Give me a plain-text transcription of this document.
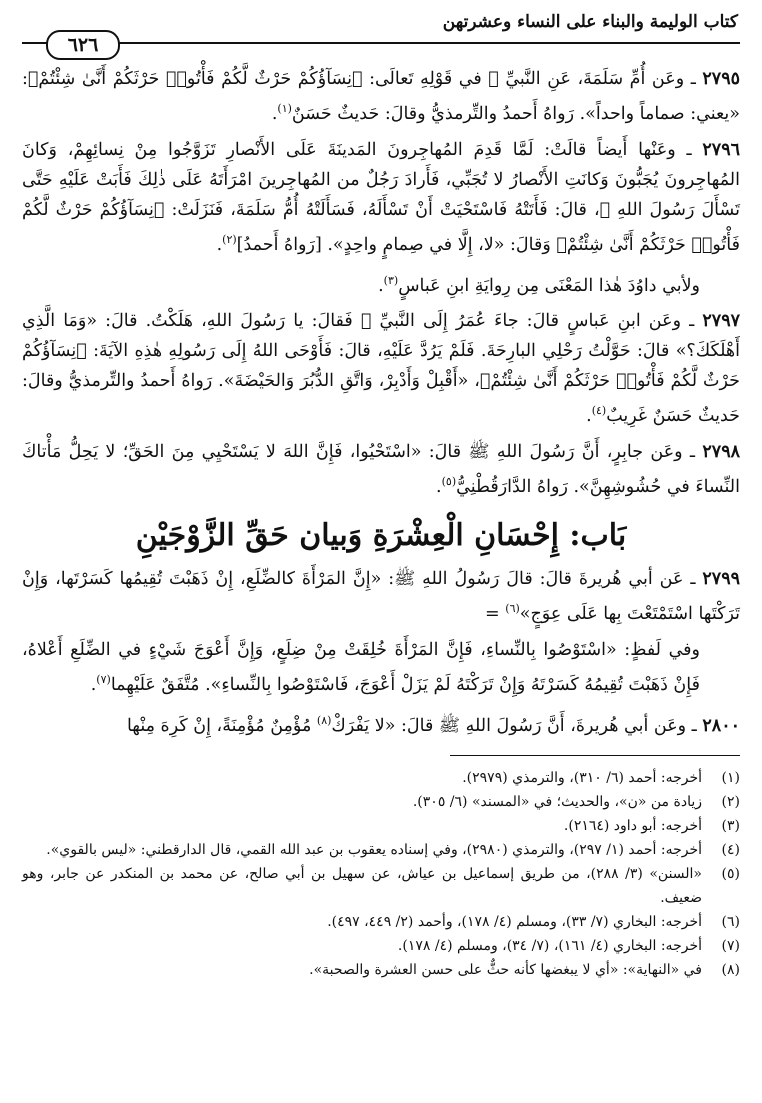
كتاب الوليمة والبناء على النساء وعشرتهن
٦٢٦

٢٧٩٥ ـ وعَن أُمِّ سَلَمَةَ، عَنِ النَّبيِّ ﷺ في قَوْلِهِ تَعالَى: ﴿نِسَآؤُكُمْ حَرْثٌ لَّكُمْ فَأْتُوا۟ حَرْثَكُمْ أَنَّىٰ شِئْتُمْ﴾: «يعني: صماماً واحداً». رَواهُ أَحمدُ والتِّرمذيُّ وقالَ: حَديثٌ حَسَنٌ$^{(١)}$.

٢٧٩٦ ـ وعَنْها أَيضاً قالَتْ: لَمَّا قَدِمَ المُهاجِرونَ المَدينَةَ عَلَى الأَنْصارِ تَزَوَّجُوا مِنْ نِسائِهِمْ، وَكانَ المُهاجِرونَ يُجَبُّونَ وَكانَتِ الأَنْصارُ لا تُجَبِّي، فَأَرادَ رَجُلٌ من المُهاجِرينَ امْرَأَتَهُ عَلَى ذٰلِكَ فَأَبَتْ عَلَيْهِ حَتَّى تَسْأَلَ رَسُولَ اللهِ ﷺ، قالَ: فَأَتَتْهُ فَاسْتَحْيَتْ أَنْ تَسْأَلَهُ، فَسَأَلَتْهُ أُمُّ سَلَمَةَ، فَنَزَلَتْ: ﴿نِسَآؤُكُمْ حَرْثٌ لَّكُمْ فَأْتُوا۟ حَرْثَكُمْ أَنَّىٰ شِئْتُمْ﴾ وَقالَ: «لا، إِلَّا في صِمامٍ واحِدٍ». [رَواهُ أَحمدُ]$^{(٢)}$.

ولأبي داوُدَ هٰذا المَعْنَى مِن رِوايَةِ ابنِ عَباسٍ$^{(٣)}$.

٢٧٩٧ ـ وعَن ابنِ عَباسٍ قالَ: جاءَ عُمَرُ إِلَى النَّبيِّ ﷺ فَقالَ: يا رَسُولَ اللهِ، هَلَكْتُ. قالَ: «وَمَا الَّذِي أَهْلَكَكَ؟» قالَ: حَوَّلْتُ رَحْلِي البارِحَةَ. فَلَمْ يَرُدَّ عَلَيْهِ، قالَ: فَأَوْحَى اللهُ إِلَى رَسُولِهِ هٰذِهِ الآيَةَ: ﴿نِسَآؤُكُمْ حَرْثٌ لَّكُمْ فَأْتُوا۟ حَرْثَكُمْ أَنَّىٰ شِئْتُمْ﴾، «أَقْبِلْ وَأَدْبِرْ، وَاتَّقِ الدُّبُرَ وَالحَيْضَةَ». رَواهُ أَحمدُ والتِّرمذيُّ وقالَ: حَديثٌ حَسَنٌ غَرِيبٌ$^{(٤)}$.

٢٧٩٨ ـ وعَن جابِرٍ، أَنَّ رَسُولَ اللهِ ﷺ قالَ: «اسْتَحْيُوا، فَإِنَّ اللهَ لا يَسْتَحْيِي مِنَ الحَقِّ؛ لا يَحِلُّ مَأْتاكَ النِّساءَ في حُشُوشِهِنَّ». رَواهُ الدَّارَقُطْنِيُّ$^{(٥)}$.

بَاب: إِحْسَانِ الْعِشْرَةِ وَبيان حَقِّ الزَّوْجَيْنِ

٢٧٩٩ ـ عَن أبي هُريرةَ قالَ: قالَ رَسُولُ اللهِ ﷺ: «إِنَّ المَرْأَةَ كالضِّلَعِ، إِنْ ذَهَبْتَ تُقِيمُها كَسَرْتَها، وَإِنْ تَرَكْتَها اسْتَمْتَعْتَ بِها عَلَى عِوَجٍ»$^{(٦)}$ =

وفي لَفظٍ: «اسْتَوْصُوا بِالنِّساءِ، فَإِنَّ المَرْأَةَ خُلِقَتْ مِنْ ضِلَعٍ، وَإِنَّ أَعْوَجَ شَيْءٍ في الضِّلَعِ أَعْلاهُ، فَإِنْ ذَهَبْتَ تُقِيمُهُ كَسَرْتَهُ وَإِنْ تَرَكْتَهُ لَمْ يَزَلْ أَعْوَجَ، فَاسْتَوْصُوا بِالنِّساءِ». مُتَّفَقٌ عَلَيْهِما$^{(٧)}$.

٢٨٠٠ ـ وعَن أبي هُريرةَ، أَنَّ رَسُولَ اللهِ ﷺ قالَ: «لا يَفْرَكْ$^{(٨)}$ مُؤْمِنٌ مُؤْمِنَةً، إِنْ كَرِهَ مِنْها

(١)
أخرجه: أحمد (٦/ ٣١٠)، والترمذي (٢٩٧٩).
(٢)
زيادة من «ن»، والحديث؛ في «المسند» (٦/ ٣٠٥).
(٣)
أخرجه: أبو داود (٢١٦٤).
(٤)
أخرجه: أحمد (١/ ٢٩٧)، والترمذي (٢٩٨٠)، وفي إسناده يعقوب بن عبد الله القمي، قال الدارقطني: «ليس بالقوي».
(٥)
«السنن» (٣/ ٢٨٨)، من طريق إسماعيل بن عياش، عن سهيل بن أبي صالح، عن محمد بن المنكدر عن جابر، وهو ضعيف.
(٦)
أخرجه: البخاري (٧/ ٣٣)، ومسلم (٤/ ١٧٨)، وأحمد (٢/ ٤٤٩، ٤٩٧).
(٧)
أخرجه: البخاري (٤/ ١٦١)، (٧/ ٣٤)، ومسلم (٤/ ١٧٨).
(٨)
في «النهاية»: «أي لا يبغضها كأنه حثٌّ على حسن العشرة والصحبة».
